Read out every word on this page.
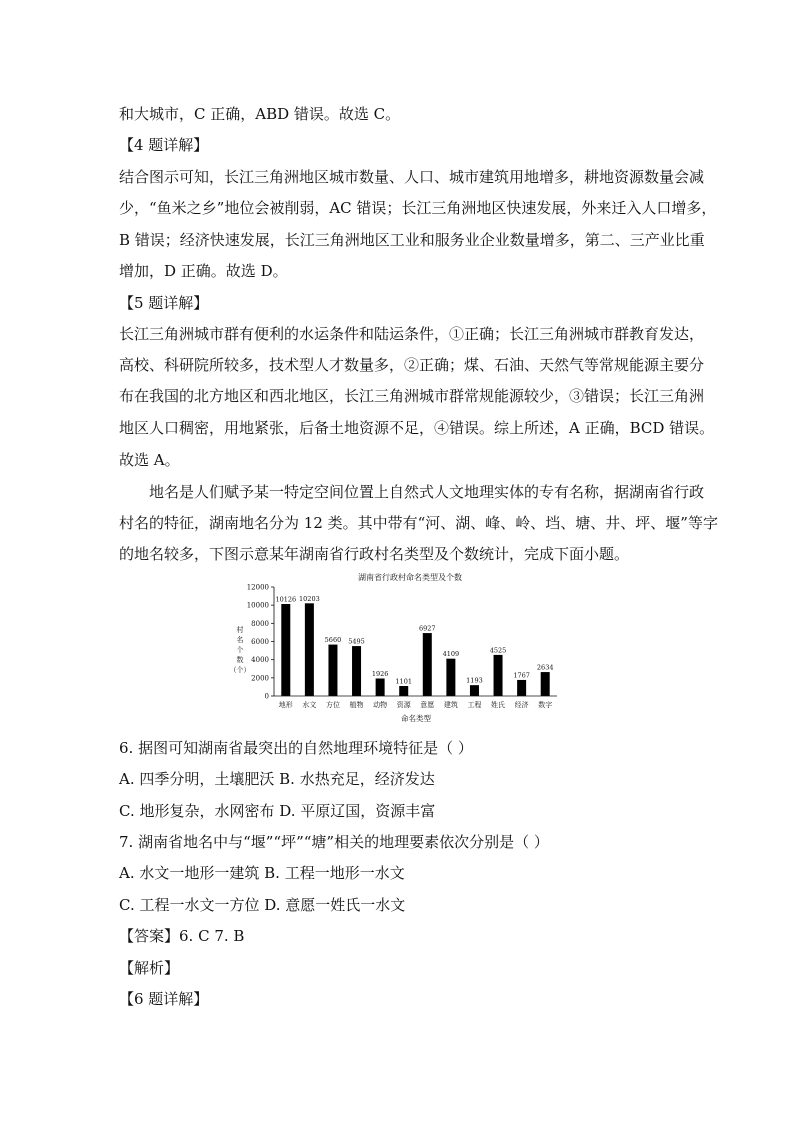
和大城市，C 正确，ABD 错误。故选 C。
【4 题详解】
结合图示可知，长江三角洲地区城市数量、人口、城市建筑用地增多，耕地资源数量会减
少，“鱼米之乡”地位会被削弱，AC 错误；长江三角洲地区快速发展，外来迁入人口增多，
B 错误；经济快速发展，长江三角洲地区工业和服务业企业数量增多，第二、三产业比重
增加，D 正确。故选 D。
【5 题详解】
长江三角洲城市群有便利的水运条件和陆运条件，①正确；长江三角洲城市群教育发达，
高校、科研院所较多，技术型人才数量多，②正确；煤、石油、天然气等常规能源主要分
布在我国的北方地区和西北地区，长江三角洲城市群常规能源较少，③错误；长江三角洲
地区人口稠密，用地紧张，后备土地资源不足，④错误。综上所述，A 正确，BCD 错误。
故选 A。
地名是人们赋予某一特定空间位置上自然式人文地理实体的专有名称，据湖南省行政
村名的特征，湖南地名分为 12 类。其中带有“河、湖、峰、岭、垱、塘、井、坪、堰”等字
的地名较多，下图示意某年湖南省行政村名类型及个数统计，完成下面小题。
6. 据图可知湖南省最突出的自然地理环境特征是（ ）
A. 四季分明，土壤肥沃 B. 水热充足，经济发达
C. 地形复杂，水网密布 D. 平原辽国，资源丰富
7. 湖南省地名中与“堰”“坪”“塘”相关的地理要素依次分别是（ ）
A. 水文一地形一建筑 B. 工程一地形一水文
C. 工程一水文一方位 D. 意愿一姓氏一水文
【答案】6. C 7. B
【解析】
【6 题详解】
湖南省行政村命名类型及个数
村
名
个
数
（个）
0
2000
4000
6000
8000
10000
12000
10126 10203
5660 5495
1926
1101
6927
4109
1193
4525
1767
2634
地形 水文 方位 植物 动物 资源 意愿 建筑 工程 姓氏 经济 数字
命名类型
